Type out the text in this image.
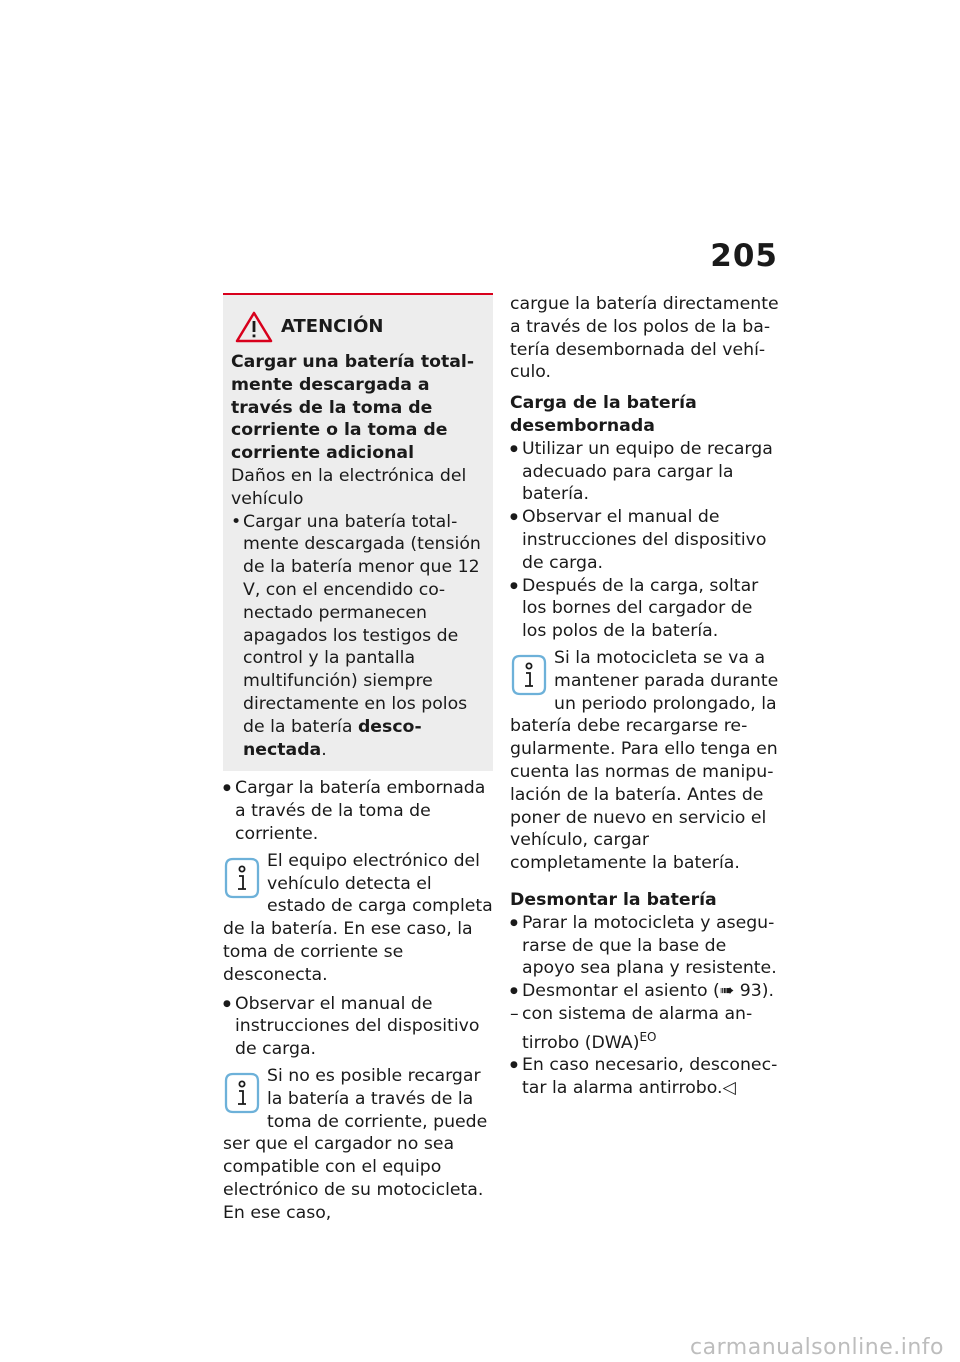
205
ATENCIÓN

Cargar una batería totalmente descargada a través de la toma de corriente o la toma de corriente adicional

Daños en la electrónica del vehículo

• Cargar una batería totalmente descargada (tensión de la batería menor que 12 V, con el encendido conectado permanecen apagados los testigos de control y la pantalla multifunción) siempre directamente en los polos de la batería desconectada.
● Cargar la batería embornada a través de la toma de corriente.

El equipo electrónico del vehículo detecta el estado de carga completa de la batería. En ese caso, la toma de corriente se desconecta.

● Observar el manual de instrucciones del dispositivo de carga.

Si no es posible recargar la batería a través de la toma de corriente, puede ser que el cargador no sea compatible con el equipo electrónico de su motocicleta. En ese caso,

cargue la batería directamente a través de los polos de la batería desembornada del vehículo.

Carga de la batería desembornada

● Utilizar un equipo de recarga adecuado para cargar la batería.
● Observar el manual de instrucciones del dispositivo de carga.
● Después de la carga, soltar los bornes del cargador de los polos de la batería.

Si la motocicleta se va a mantener parada durante un periodo prolongado, la batería debe recargarse regularmente. Para ello tenga en cuenta las normas de manipulación de la batería. Antes de poner de nuevo en servicio el vehículo, cargar completamente la batería.

Desmontar la batería

● Parar la motocicleta y asegurarse de que la base de apoyo sea plana y resistente.
● Desmontar el asiento (➠ 93).
– con sistema de alarma antirrobo (DWA)$^{EO}$
● En caso necesario, desconectar la alarma antirrobo.◁
carmanualsonline.info
